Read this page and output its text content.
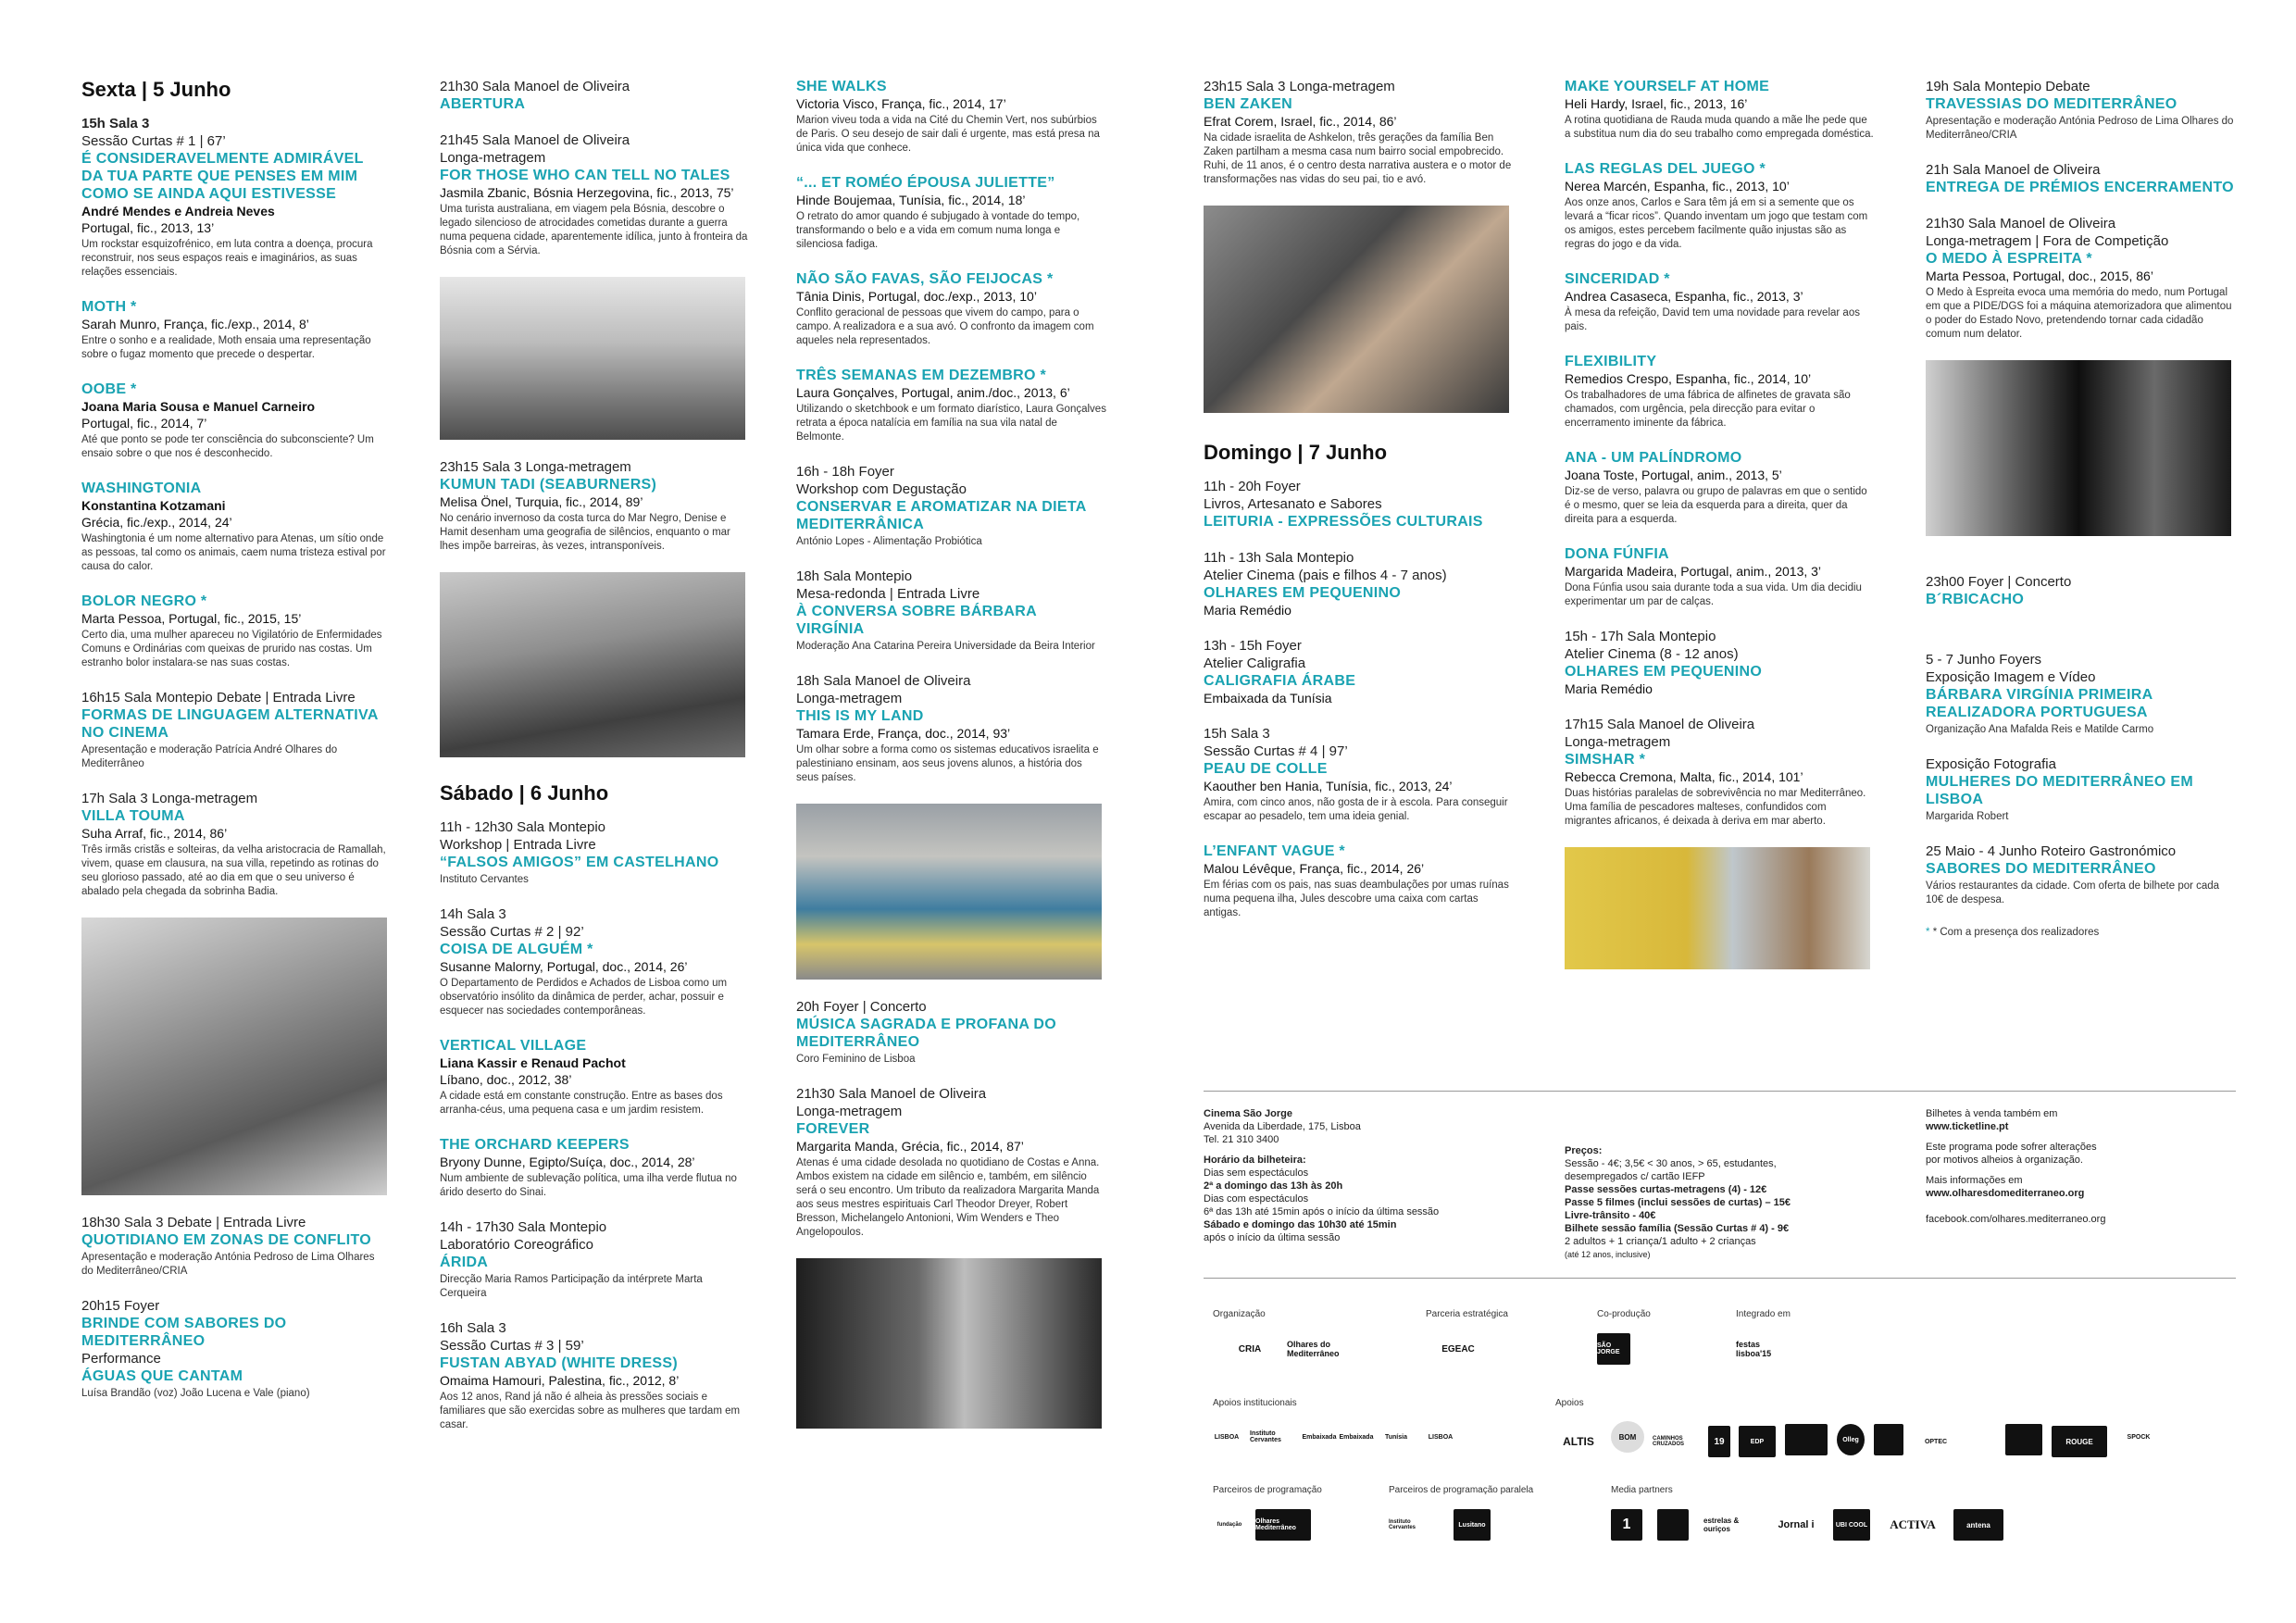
Sexta | 5 Junho
15h Sala 3
Sessão Curtas # 1 | 67’
É CONSIDERAVELMENTE ADMIRÁVEL DA TUA PARTE QUE PENSES EM MIM COMO SE AINDA AQUI ESTIVESSE
André Mendes e Andreia Neves
Portugal, fic., 2013, 13’
Um rockstar esquizofrénico, em luta contra a doença, procura reconstruir, nos seus espaços reais e imaginários, as suas relações essenciais.
MOTH *
Sarah Munro, França, fic./exp., 2014, 8’
Entre o sonho e a realidade, Moth ensaia uma representação sobre o fugaz momento que precede o despertar.
OOBE *
Joana Maria Sousa e Manuel Carneiro
Portugal, fic., 2014, 7’
Até que ponto se pode ter consciência do subconsciente? Um ensaio sobre o que nos é desconhecido.
WASHINGTONIA
Konstantina Kotzamani
Grécia, fic./exp., 2014, 24’
Washingtonia é um nome alternativo para Atenas, um sítio onde as pessoas, tal como os animais, caem numa tristeza estival por causa do calor.
BOLOR NEGRO *
Marta Pessoa, Portugal, fic., 2015, 15’
Certo dia, uma mulher apareceu no Vigilatório de Enfermidades Comuns e Ordinárias com queixas de prurido nas costas. Um estranho bolor instalara-se nas suas costas.
16h15 Sala Montepio Debate | Entrada Livre
FORMAS DE LINGUAGEM ALTERNATIVA NO CINEMA
Apresentação e moderação Patrícia André Olhares do Mediterrâneo
17h Sala 3 Longa-metragem
VILLA TOUMA
Suha Arraf, fic., 2014, 86’
Três irmãs cristãs e solteiras, da velha aristocracia de Ramallah, vivem, quase em clausura, na sua villa, repetindo as rotinas do seu glorioso passado, até ao dia em que o seu universo é abalado pela chegada da sobrinha Badia.
18h30 Sala 3 Debate | Entrada Livre
QUOTIDIANO EM ZONAS DE CONFLITO
Apresentação e moderação Antónia Pedroso de Lima Olhares do Mediterrâneo/CRIA
20h15 Foyer
BRINDE COM SABORES DO MEDITERRÂNEO
Performance
ÁGUAS QUE CANTAM
Luísa Brandão (voz) João Lucena e Vale (piano)
21h30 Sala Manoel de Oliveira
ABERTURA
21h45 Sala Manoel de Oliveira
Longa-metragem
FOR THOSE WHO CAN TELL NO TALES
Jasmila Zbanic, Bósnia Herzegovina, fic., 2013, 75’
Uma turista australiana, em viagem pela Bósnia, descobre o legado silencioso de atrocidades cometidas durante a guerra numa pequena cidade, aparentemente idílica, junto à fronteira da Bósnia com a Sérvia.
23h15 Sala 3 Longa-metragem
KUMUN TADI (SEABURNERS)
Melisa Önel, Turquia, fic., 2014, 89’
No cenário invernoso da costa turca do Mar Negro, Denise e Hamit desenham uma geografia de silêncios, enquanto o mar lhes impõe barreiras, às vezes, intransponíveis.
Sábado | 6 Junho
11h - 12h30 Sala Montepio
Workshop | Entrada Livre
“FALSOS AMIGOS” EM CASTELHANO
Instituto Cervantes
14h Sala 3
Sessão Curtas # 2 | 92’
COISA DE ALGUÉM *
Susanne Malorny, Portugal, doc., 2014, 26’
O Departamento de Perdidos e Achados de Lisboa como um observatório insólito da dinâmica de perder, achar, possuir e esquecer nas sociedades contemporâneas.
VERTICAL VILLAGE
Liana Kassir e Renaud Pachot
Líbano, doc., 2012, 38’
A cidade está em constante construção. Entre as bases dos arranha-céus, uma pequena casa e um jardim resistem.
THE ORCHARD KEEPERS
Bryony Dunne, Egipto/Suíça, doc., 2014, 28’
Num ambiente de sublevação política, uma ilha verde flutua no árido deserto do Sinai.
14h - 17h30 Sala Montepio
Laboratório Coreográfico
ÁRIDA
Direcção Maria Ramos Participação da intérprete Marta Cerqueira
16h Sala 3
Sessão Curtas # 3 | 59’
FUSTAN ABYAD (WHITE DRESS)
Omaima Hamouri, Palestina, fic., 2012, 8’
Aos 12 anos, Rand já não é alheia às pressões sociais e familiares que são exercidas sobre as mulheres que tardam em casar.
SHE WALKS
Victoria Visco, França, fic., 2014, 17’
Marion viveu toda a vida na Cité du Chemin Vert, nos subúrbios de Paris. O seu desejo de sair dali é urgente, mas está presa na única vida que conhece.
“... ET ROMÉO ÉPOUSA JULIETTE”
Hinde Boujemaa, Tunísia, fic., 2014, 18’
O retrato do amor quando é subjugado à vontade do tempo, transformando o belo e a vida em comum numa longa e silenciosa fadiga.
NÃO SÃO FAVAS, SÃO FEIJOCAS *
Tânia Dinis, Portugal, doc./exp., 2013, 10’
Conflito geracional de pessoas que vivem do campo, para o campo. A realizadora e a sua avó. O confronto da imagem com aqueles nela representados.
TRÊS SEMANAS EM DEZEMBRO *
Laura Gonçalves, Portugal, anim./doc., 2013, 6’
Utilizando o sketchbook e um formato diarístico, Laura Gonçalves retrata a época natalícia em família na sua vila natal de Belmonte.
16h - 18h Foyer
Workshop com Degustação
CONSERVAR E AROMATIZAR NA DIETA MEDITERRÂNICA
António Lopes - Alimentação Probiótica
18h Sala Montepio
Mesa-redonda | Entrada Livre
À CONVERSA SOBRE BÁRBARA VIRGÍNIA
Moderação Ana Catarina Pereira Universidade da Beira Interior
18h Sala Manoel de Oliveira
Longa-metragem
THIS IS MY LAND
Tamara Erde, França, doc., 2014, 93’
Um olhar sobre a forma como os sistemas educativos israelita e palestiniano ensinam, aos seus jovens alunos, a história dos seus países.
20h Foyer | Concerto
MÚSICA SAGRADA E PROFANA DO MEDITERRÂNEO
Coro Feminino de Lisboa
21h30 Sala Manoel de Oliveira
Longa-metragem
FOREVER
Margarita Manda, Grécia, fic., 2014, 87’
Atenas é uma cidade desolada no quotidiano de Costas e Anna. Ambos existem na cidade em silêncio e, também, em silêncio será o seu encontro. Um tributo da realizadora Margarita Manda aos seus mestres espirituais Carl Theodor Dreyer, Robert Bresson, Michelangelo Antonioni, Wim Wenders e Theo Angelopoulos.
23h15 Sala 3 Longa-metragem
BEN ZAKEN
Efrat Corem, Israel, fic., 2014, 86’
Na cidade israelita de Ashkelon, três gerações da família Ben Zaken partilham a mesma casa num bairro social empobrecido. Ruhi, de 11 anos, é o centro desta narrativa austera e o motor de transformações nas vidas do seu pai, tio e avó.
Domingo | 7 Junho
11h - 20h Foyer
Livros, Artesanato e Sabores
LEITURIA - EXPRESSÕES CULTURAIS
11h - 13h Sala Montepio
Atelier Cinema (pais e filhos 4 - 7 anos)
OLHARES EM PEQUENINO
Maria Remédio
13h - 15h Foyer
Atelier Caligrafia
CALIGRAFIA ÁRABE
Embaixada da Tunísia
15h Sala 3
Sessão Curtas # 4 | 97’
PEAU DE COLLE
Kaouther ben Hania, Tunísia, fic., 2013, 24’
Amira, com cinco anos, não gosta de ir à escola. Para conseguir escapar ao pesadelo, tem uma ideia genial.
L’ENFANT VAGUE *
Malou Lévêque, França, fic., 2014, 26’
Em férias com os pais, nas suas deambulações por umas ruínas numa pequena ilha, Jules descobre uma caixa com cartas antigas.
MAKE YOURSELF AT HOME
Heli Hardy, Israel, fic., 2013, 16’
A rotina quotidiana de Rauda muda quando a mãe lhe pede que a substitua num dia do seu trabalho como empregada doméstica.
LAS REGLAS DEL JUEGO *
Nerea Marcén, Espanha, fic., 2013, 10’
Aos onze anos, Carlos e Sara têm já em si a semente que os levará a “ficar ricos”. Quando inventam um jogo que testam com os amigos, estes percebem facilmente quão injustas são as regras do jogo e da vida.
SINCERIDAD *
Andrea Casaseca, Espanha, fic., 2013, 3’
À mesa da refeição, David tem uma novidade para revelar aos pais.
FLEXIBILITY
Remedios Crespo, Espanha, fic., 2014, 10’
Os trabalhadores de uma fábrica de alfinetes de gravata são chamados, com urgência, pela direcção para evitar o encerramento iminente da fábrica.
ANA - UM PALÍNDROMO
Joana Toste, Portugal, anim., 2013, 5’
Diz-se de verso, palavra ou grupo de palavras em que o sentido é o mesmo, quer se leia da esquerda para a direita, quer da direita para a esquerda.
DONA FÚNFIA
Margarida Madeira, Portugal, anim., 2013, 3’
Dona Fúnfia usou saia durante toda a sua vida. Um dia decidiu experimentar um par de calças.
15h - 17h Sala Montepio
Atelier Cinema (8 - 12 anos)
OLHARES EM PEQUENINO
Maria Remédio
17h15 Sala Manoel de Oliveira
Longa-metragem
SIMSHAR *
Rebecca Cremona, Malta, fic., 2014, 101’
Duas histórias paralelas de sobrevivência no mar Mediterrâneo. Uma família de pescadores malteses, confundidos com migrantes africanos, é deixada à deriva em mar aberto.
19h Sala Montepio Debate
TRAVESSIAS DO MEDITERRÂNEO
Apresentação e moderação Antónia Pedroso de Lima Olhares do Mediterrâneo/CRIA
21h Sala Manoel de Oliveira
ENTREGA DE PRÉMIOS ENCERRAMENTO
21h30 Sala Manoel de Oliveira
Longa-metragem | Fora de Competição
O MEDO À ESPREITA *
Marta Pessoa, Portugal, doc., 2015, 86’
O Medo à Espreita evoca uma memória do medo, num Portugal em que a PIDE/DGS foi a máquina atemorizadora que alimentou o poder do Estado Novo, pretendendo tornar cada cidadão comum num delator.
23h00 Foyer | Concerto
B´RBICACHO
5 - 7 Junho Foyers
Exposição Imagem e Vídeo
BÁRBARA VIRGÍNIA PRIMEIRA REALIZADORA PORTUGUESA
Organização Ana Mafalda Reis e Matilde Carmo
Exposição Fotografia
MULHERES DO MEDITERRÂNEO EM LISBOA
Margarida Robert
25 Maio - 4 Junho Roteiro Gastronómico
SABORES DO MEDITERRÂNEO
Vários restaurantes da cidade. Com oferta de bilhete por cada 10€ de despesa.
* * Com a presença dos realizadores
Cinema São Jorge
Avenida da Liberdade, 175, Lisboa
Tel. 21 310 3400
Horário da bilheteira:
Dias sem espectáculos
2ª a domingo das 13h às 20h
Dias com espectáculos
6ª das 13h até 15min após o início da última sessão
Sábado e domingo das 10h30 até 15min
após o início da última sessão
Preços:
Sessão - 4€; 3,5€ < 30 anos, > 65, estudantes,
desempregados c/ cartão IEFP
Passe sessões curtas-metragens (4) - 12€
Passe 5 filmes (inclui sessões de curtas) – 15€
Livre-trânsito - 40€
Bilhete sessão família (Sessão Curtas # 4) - 9€
2 adultos + 1 criança/1 adulto + 2 crianças
(até 12 anos, inclusive)
Bilhetes à venda também em
www.ticketline.pt
Este programa pode sofrer alterações
por motivos alheios à organização.
Mais informações em
www.olharesdomediterraneo.org
facebook.com/olhares.mediterraneo.org
Organização	Parceria estratégica	Co-produção	Integrado em
CRIA	Olhares do Mediterrâneo	EGEAC	SÃO JORGE
festas lisboa'15
Apoios institucionais	Apoios
LISBOA Instituto Cervantes	Embaixada Embaixada	Tunísia	LISBOA	ALTIS	BOM	CAMINHOS CRUZADOS	19	EDP	Olleg	OPTEC	ROUGE
SPOCK
Parceiros de programação	Parceiros de programação paralela	Media partners
fundação	Olhares Mediterrâneo
Instituto Cervantes	Lusitano	1	estrelas & ouriços	Jornal i	UBI COOL	ACTIVA	antena
